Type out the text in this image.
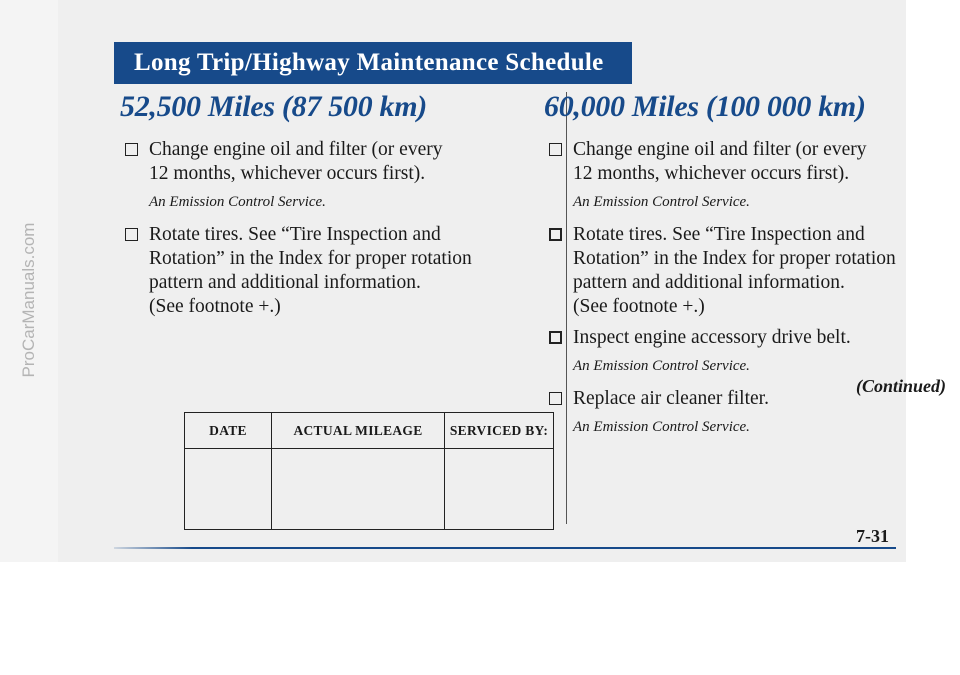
ProCarManuals.com
Long Trip/Highway Maintenance Schedule
52,500 Miles (87 500 km)
Change engine oil and filter (or every
12 months, whichever occurs first).
An Emission Control Service.
Rotate tires. See “Tire Inspection and
Rotation” in the Index for proper rotation
pattern and additional information.
(See footnote +.)
60,000 Miles (100 000 km)
Change engine oil and filter (or every
12 months, whichever occurs first).
An Emission Control Service.
Rotate tires. See “Tire Inspection and
Rotation” in the Index for proper rotation
pattern and additional information.
(See footnote +.)
Inspect engine accessory drive belt.
An Emission Control Service.
Replace air cleaner filter.
An Emission Control Service.
DATE	ACTUAL MILEAGE	SERVICED BY:

(Continued)
7-31
